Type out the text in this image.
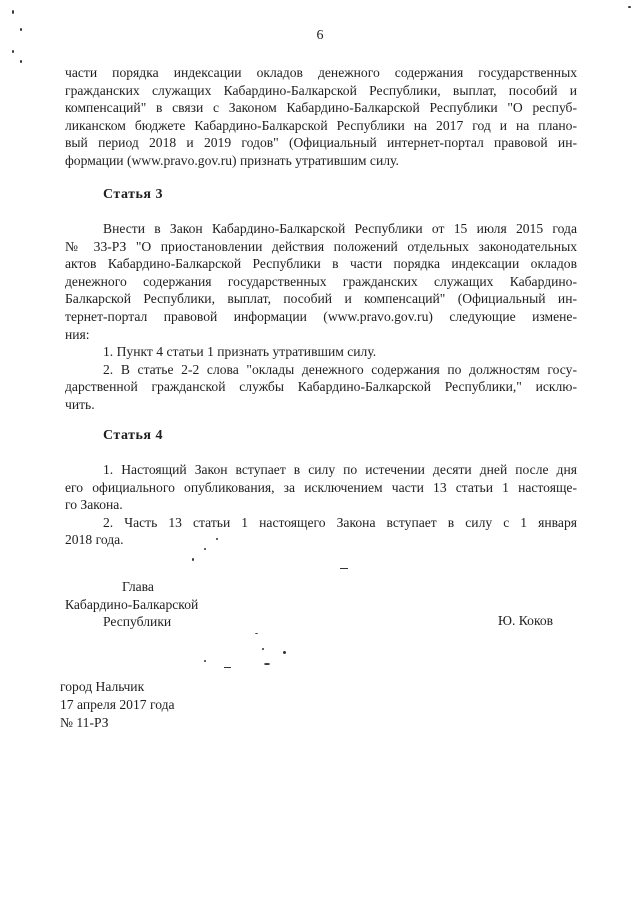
6
части порядка индексации окладов денежного содержания государственных
гражданских служащих Кабардино-Балкарской Республики, выплат, пособий и
компенсаций" в связи с Законом Кабардино-Балкарской Республики "О респуб-
ликанском бюджете Кабардино-Балкарской Республики на 2017 год и на плано-
вый период 2018 и 2019 годов" (Официальный интернет-портал правовой ин-
формации (www.pravo.gov.ru) признать утратившим силу.
Статья 3
Внести в Закон Кабардино-Балкарской Республики от 15 июля 2015 года
№ 33-РЗ "О приостановлении действия положений отдельных законодательных
актов Кабардино-Балкарской Республики в части порядка индексации окладов
денежного содержания государственных гражданских служащих Кабардино-
Балкарской Республики, выплат, пособий и компенсаций" (Официальный ин-
тернет-портал правовой информации (www.pravo.gov.ru) следующие измене-
ния:
1. Пункт 4 статьи 1 признать утратившим силу.
2. В статье 2-2 слова "оклады денежного содержания по должностям госу-
дарственной гражданской службы Кабардино-Балкарской Республики," исклю-
чить.
Статья 4
1. Настоящий Закон вступает в силу по истечении десяти дней после дня
его официального опубликования, за исключением части 13 статьи 1 настояще-
го Закона.
2. Часть 13 статьи 1 настоящего Закона вступает в силу с 1 января
2018 года.
Глава
Кабардино-Балкарской
Республики	Ю. Коков
город Нальчик
17 апреля 2017 года
№ 11-РЗ
